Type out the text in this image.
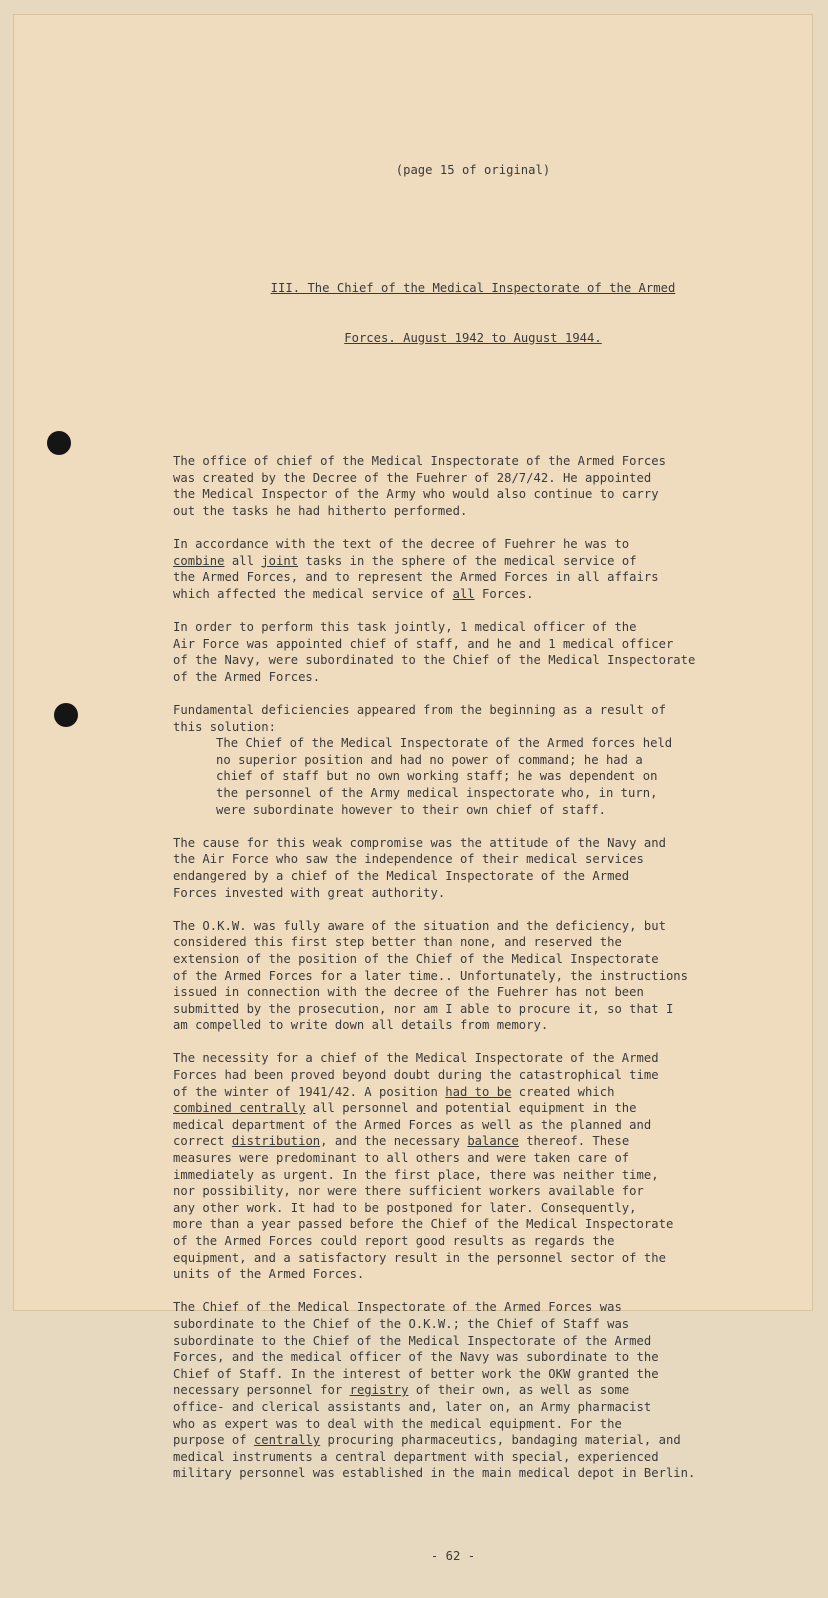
(page 15 of original)

III. The Chief of the Medical Inspectorate of the Armed

Forces. August 1942 to August 1944.

The office of chief of the Medical Inspectorate of the Armed Forces
was created by the Decree of the Fuehrer of 28/7/42. He appointed
the Medical Inspector of the Army who would also continue to carry
out the tasks he had hitherto performed.
In accordance with the text of the decree of Fuehrer he was to
combine all joint tasks in the sphere of the medical service of
the Armed Forces, and to represent the Armed Forces in all affairs
which affected the medical service of all Forces.
In order to perform this task jointly, 1 medical officer of the
Air Force was appointed chief of staff, and he and 1 medical officer
of the Navy, were subordinated to the Chief of the Medical Inspectorate
of the Armed Forces.
Fundamental deficiencies appeared from the beginning as a result of
this solution:
The Chief of the Medical Inspectorate of the Armed forces held
no superior position and had no power of command; he had a
chief of staff but no own working staff; he was dependent on
the personnel of the Army medical inspectorate who, in turn,
were subordinate however to their own chief of staff.
The cause for this weak compromise was the attitude of the Navy and
the Air Force who saw the independence of their medical services
endangered by a chief of the Medical Inspectorate of the Armed
Forces invested with great authority.
The O.K.W. was fully aware of the situation and the deficiency, but
considered this first step better than none, and reserved the
extension of the position of the Chief of the Medical Inspectorate
of the Armed Forces for a later time.. Unfortunately, the instructions
issued in connection with the decree of the Fuehrer has not been
submitted by the prosecution, nor am I able to procure it, so that I
am compelled to write down all details from memory.
The necessity for a chief of the Medical Inspectorate of the Armed
Forces had been proved beyond doubt during the catastrophical time
of the winter of 1941/42. A position had to be created which
combined centrally all personnel and potential equipment in the
medical department of the Armed Forces as well as the planned and
correct distribution, and the necessary balance thereof. These
measures were predominant to all others and were taken care of
immediately as urgent. In the first place, there was neither time,
nor possibility, nor were there sufficient workers available for
any other work. It had to be postponed for later. Consequently,
more than a year passed before the Chief of the Medical Inspectorate
of the Armed Forces could report good results as regards the
equipment, and a satisfactory result in the personnel sector of the
units of the Armed Forces.
The Chief of the Medical Inspectorate of the Armed Forces was
subordinate to the Chief of the O.K.W.; the Chief of Staff was
subordinate to the Chief of the Medical Inspectorate of the Armed
Forces, and the medical officer of the Navy was subordinate to the
Chief of Staff. In the interest of better work the OKW granted the
necessary personnel for registry of their own, as well as some
office- and clerical assistants and, later on, an Army pharmacist
who as expert was to deal with the medical equipment. For the
purpose of centrally procuring pharmaceutics, bandaging material, and
medical instruments a central department with special, experienced
military personnel was established in the main medical depot in Berlin.

- 62 -
